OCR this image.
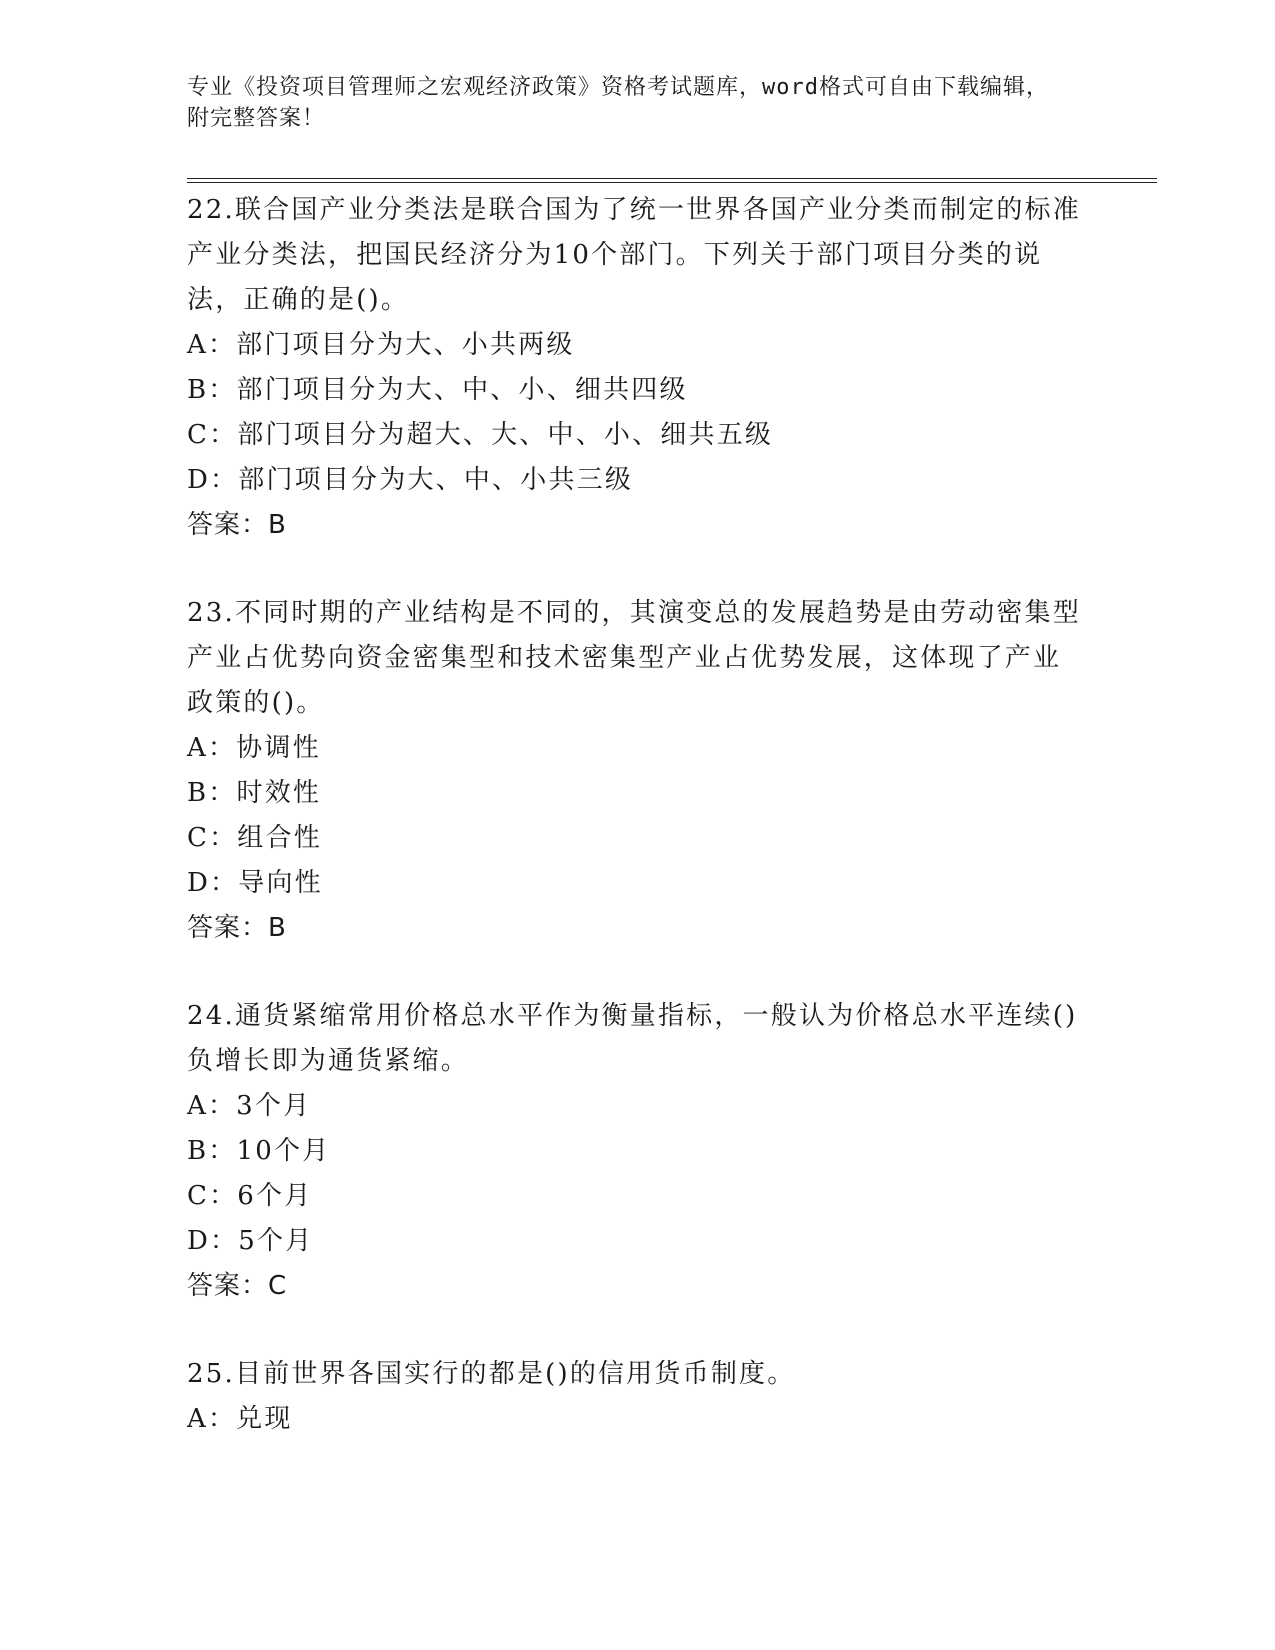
专业《投资项目管理师之宏观经济政策》资格考试题库，word格式可自由下载编辑，附完整答案！

22.联合国产业分类法是联合国为了统一世界各国产业分类而制定的标准产业分类法，把国民经济分为10个部门。下列关于部门项目分类的说法，正确的是()。

A：部门项目分为大、小共两级

B：部门项目分为大、中、小、细共四级

C：部门项目分为超大、大、中、小、细共五级

D：部门项目分为大、中、小共三级

答案：B

23.不同时期的产业结构是不同的，其演变总的发展趋势是由劳动密集型产业占优势向资金密集型和技术密集型产业占优势发展，这体现了产业政策的()。

A：协调性

B：时效性

C：组合性

D：导向性

答案：B

24.通货紧缩常用价格总水平作为衡量指标，一般认为价格总水平连续()负增长即为通货紧缩。

A：3个月

B：10个月

C：6个月

D：5个月

答案：C

25.目前世界各国实行的都是()的信用货币制度。

A：兑现
